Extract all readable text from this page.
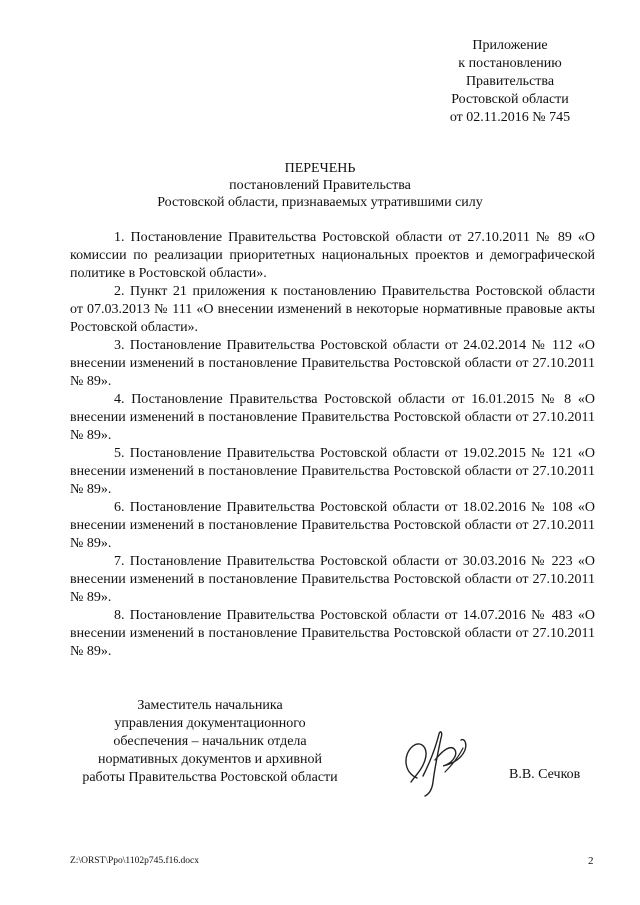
Приложение
к постановлению
Правительства
Ростовской области
от 02.11.2016 № 745
ПЕРЕЧЕНЬ
постановлений Правительства
Ростовской области, признаваемых утратившими силу

1. Постановление Правительства Ростовской области от 27.10.2011 № 89 «О комиссии по реализации приоритетных национальных проектов и демографической политике в Ростовской области».

2. Пункт 21 приложения к постановлению Правительства Ростовской области от 07.03.2013 № 111 «О внесении изменений в некоторые нормативные правовые акты Ростовской области».

3. Постановление Правительства Ростовской области от 24.02.2014 № 112 «О внесении изменений в постановление Правительства Ростовской области от 27.10.2011 № 89».

4. Постановление Правительства Ростовской области от 16.01.2015 № 8 «О внесении изменений в постановление Правительства Ростовской области от 27.10.2011 № 89».

5. Постановление Правительства Ростовской области от 19.02.2015 № 121 «О внесении изменений в постановление Правительства Ростовской области от 27.10.2011 № 89».

6. Постановление Правительства Ростовской области от 18.02.2016 № 108 «О внесении изменений в постановление Правительства Ростовской области от 27.10.2011 № 89».

7. Постановление Правительства Ростовской области от 30.03.2016 № 223 «О внесении изменений в постановление Правительства Ростовской области от 27.10.2011 № 89».

8. Постановление Правительства Ростовской области от 14.07.2016 № 483 «О внесении изменений в постановление Правительства Ростовской области от 27.10.2011 № 89».

Заместитель начальника
управления документационного
обеспечения – начальник отдела
нормативных документов и архивной
работы Правительства Ростовской области	В.В. Сечков
Z:\ORST\Ppo\1102p745.f16.docx	2
